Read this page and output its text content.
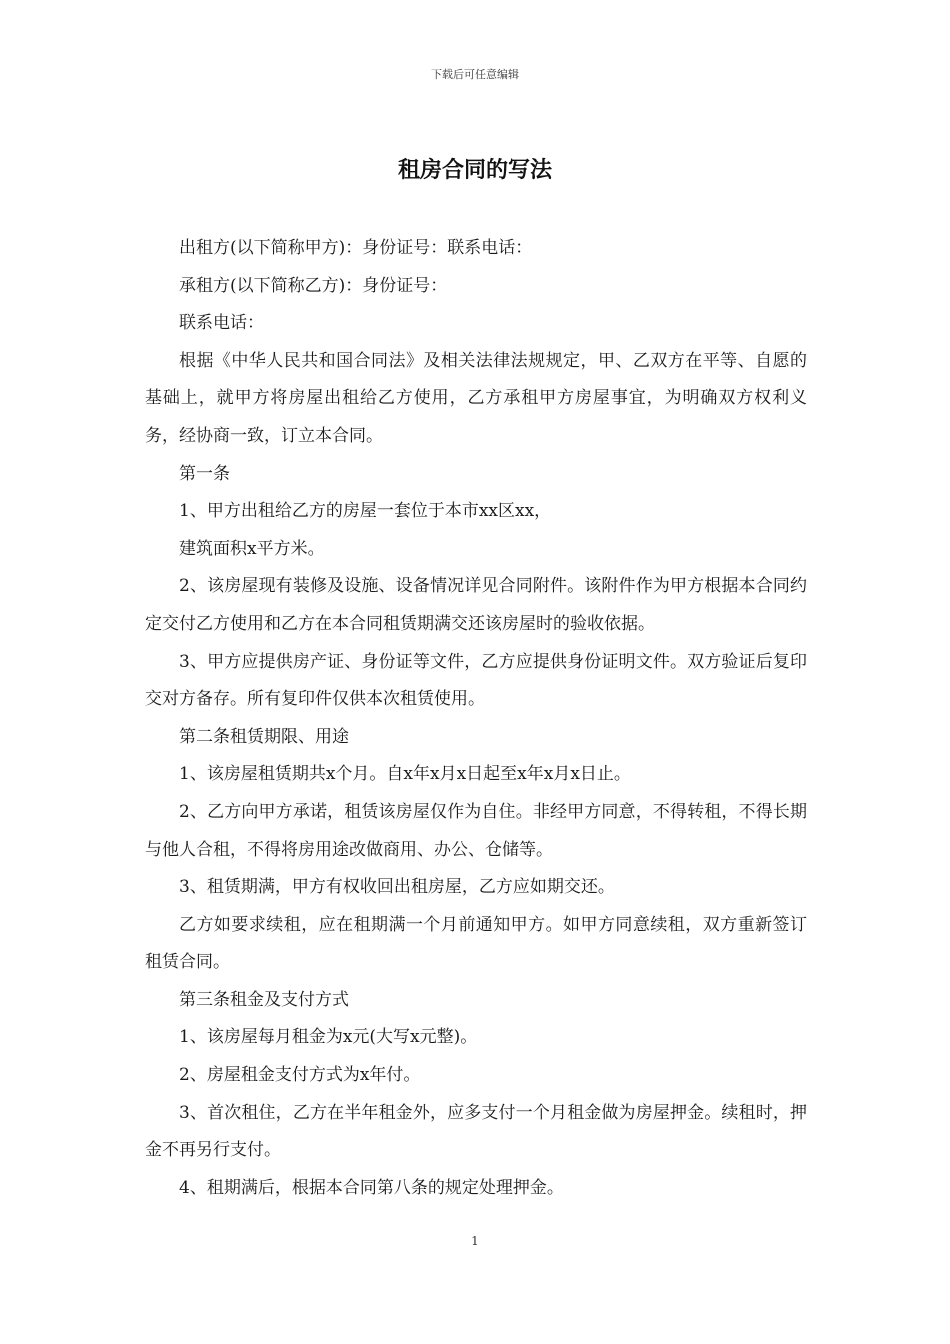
下载后可任意编辑
租房合同的写法

出租方(以下简称甲方)：身份证号：联系电话：

承租方(以下简称乙方)：身份证号：

联系电话：

根据《中华人民共和国合同法》及相关法律法规规定，甲、乙双方在平等、自愿的基础上，就甲方将房屋出租给乙方使用，乙方承租甲方房屋事宜，为明确双方权利义务，经协商一致，订立本合同。

第一条

1、甲方出租给乙方的房屋一套位于本市xx区xx，

建筑面积x平方米。

2、该房屋现有装修及设施、设备情况详见合同附件。该附件作为甲方根据本合同约定交付乙方使用和乙方在本合同租赁期满交还该房屋时的验收依据。

3、甲方应提供房产证、身份证等文件，乙方应提供身份证明文件。双方验证后复印交对方备存。所有复印件仅供本次租赁使用。

第二条租赁期限、用途

1、该房屋租赁期共x个月。自x年x月x日起至x年x月x日止。

2、乙方向甲方承诺，租赁该房屋仅作为自住。非经甲方同意，不得转租，不得长期与他人合租，不得将房用途改做商用、办公、仓储等。

3、租赁期满，甲方有权收回出租房屋，乙方应如期交还。

乙方如要求续租，应在租期满一个月前通知甲方。如甲方同意续租，双方重新签订租赁合同。

第三条租金及支付方式

1、该房屋每月租金为x元(大写x元整)。

2、房屋租金支付方式为x年付。

3、首次租住，乙方在半年租金外，应多支付一个月租金做为房屋押金。续租时，押金不再另行支付。

4、租期满后，根据本合同第八条的规定处理押金。

1
